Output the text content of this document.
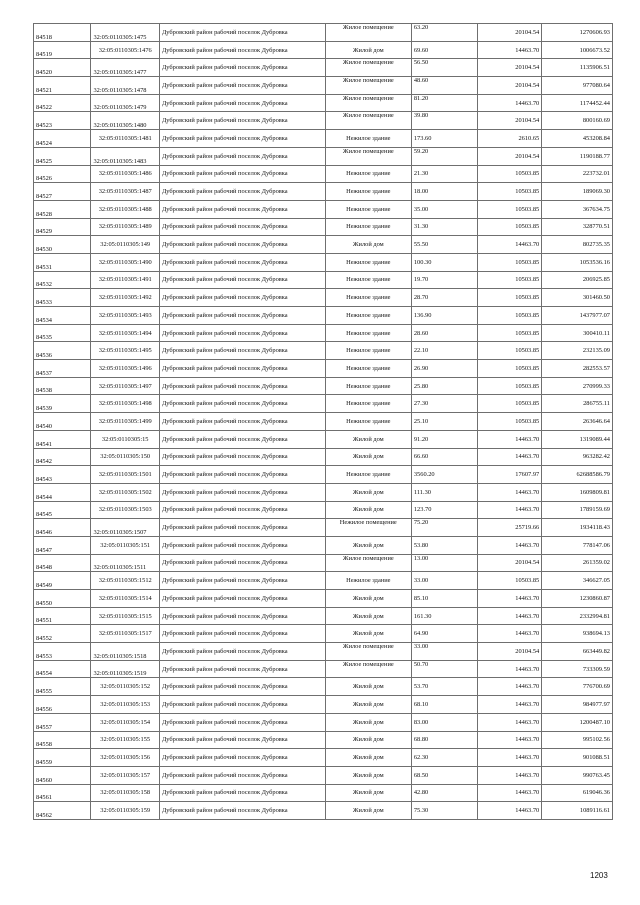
84518	32:05:0110305:1475	Дубровский район рабочий поселок Дубровка	Жилое помещение	63.20	20104.54	1270606.93
84519	32:05:0110305:1476	Дубровский район рабочий поселок Дубровка	Жилой дом	69.60	14463.70	1006673.52
84520	32:05:0110305:1477	Дубровский район рабочий поселок Дубровка	Жилое помещение	56.50	20104.54	1135906.51
84521	32:05:0110305:1478	Дубровский район рабочий поселок Дубровка	Жилое помещение	48.60	20104.54	977080.64
84522	32:05:0110305:1479	Дубровский район рабочий поселок Дубровка	Жилое помещение	81.20	14463.70	1174452.44
84523	32:05:0110305:1480	Дубровский район рабочий поселок Дубровка	Жилое помещение	39.80	20104.54	800160.69
84524	32:05:0110305:1481	Дубровский район рабочий поселок Дубровка	Нежилое здание	173.60	2610.65	453208.84
84525	32:05:0110305:1483	Дубровский район рабочий поселок Дубровка	Жилое помещение	59.20	20104.54	1190188.77
84526	32:05:0110305:1486	Дубровский район рабочий поселок Дубровка	Нежилое здание	21.30	10503.85	223732.01
84527	32:05:0110305:1487	Дубровский район рабочий поселок Дубровка	Нежилое здание	18.00	10503.85	189069.30
84528	32:05:0110305:1488	Дубровский район рабочий поселок Дубровка	Нежилое здание	35.00	10503.85	367634.75
84529	32:05:0110305:1489	Дубровский район рабочий поселок Дубровка	Нежилое здание	31.30	10503.85	328770.51
84530	32:05:0110305:149	Дубровский район рабочий поселок Дубровка	Жилой дом	55.50	14463.70	802735.35
84531	32:05:0110305:1490	Дубровский район рабочий поселок Дубровка	Нежилое здание	100.30	10503.85	1053536.16
84532	32:05:0110305:1491	Дубровский район рабочий поселок Дубровка	Нежилое здание	19.70	10503.85	206925.85
84533	32:05:0110305:1492	Дубровский район рабочий поселок Дубровка	Нежилое здание	28.70	10503.85	301460.50
84534	32:05:0110305:1493	Дубровский район рабочий поселок Дубровка	Нежилое здание	136.90	10503.85	1437977.07
84535	32:05:0110305:1494	Дубровский район рабочий поселок Дубровка	Нежилое здание	28.60	10503.85	300410.11
84536	32:05:0110305:1495	Дубровский район рабочий поселок Дубровка	Нежилое здание	22.10	10503.85	232135.09
84537	32:05:0110305:1496	Дубровский район рабочий поселок Дубровка	Нежилое здание	26.90	10503.85	282553.57
84538	32:05:0110305:1497	Дубровский район рабочий поселок Дубровка	Нежилое здание	25.80	10503.85	270999.33
84539	32:05:0110305:1498	Дубровский район рабочий поселок Дубровка	Нежилое здание	27.30	10503.85	286755.11
84540	32:05:0110305:1499	Дубровский район рабочий поселок Дубровка	Нежилое здание	25.10	10503.85	263646.64
84541	32:05:0110305:15	Дубровский район рабочий поселок Дубровка	Жилой дом	91.20	14463.70	1319089.44
84542	32:05:0110305:150	Дубровский район рабочий поселок Дубровка	Жилой дом	66.60	14463.70	963282.42
84543	32:05:0110305:1501	Дубровский район рабочий поселок Дубровка	Нежилое здание	3560.20	17607.97	62688586.79
84544	32:05:0110305:1502	Дубровский район рабочий поселок Дубровка	Жилой дом	111.30	14463.70	1609809.81
84545	32:05:0110305:1503	Дубровский район рабочий поселок Дубровка	Жилой дом	123.70	14463.70	1789159.69
84546	32:05:0110305:1507	Дубровский район рабочий поселок Дубровка	Нежилое помещение	75.20	25719.66	1934118.43
84547	32:05:0110305:151	Дубровский район рабочий поселок Дубровка	Жилой дом	53.80	14463.70	778147.06
84548	32:05:0110305:1511	Дубровский район рабочий поселок Дубровка	Жилое помещение	13.00	20104.54	261359.02
84549	32:05:0110305:1512	Дубровский район рабочий поселок Дубровка	Нежилое здание	33.00	10503.85	346627.05
84550	32:05:0110305:1514	Дубровский район рабочий поселок Дубровка	Жилой дом	85.10	14463.70	1230860.87
84551	32:05:0110305:1515	Дубровский район рабочий поселок Дубровка	Жилой дом	161.30	14463.70	2332994.81
84552	32:05:0110305:1517	Дубровский район рабочий поселок Дубровка	Жилой дом	64.90	14463.70	938694.13
84553	32:05:0110305:1518	Дубровский район рабочий поселок Дубровка	Жилое помещение	33.00	20104.54	663449.82
84554	32:05:0110305:1519	Дубровский район рабочий поселок Дубровка	Жилое помещение	50.70	14463.70	733309.59
84555	32:05:0110305:152	Дубровский район рабочий поселок Дубровка	Жилой дом	53.70	14463.70	776700.69
84556	32:05:0110305:153	Дубровский район рабочий поселок Дубровка	Жилой дом	68.10	14463.70	984977.97
84557	32:05:0110305:154	Дубровский район рабочий поселок Дубровка	Жилой дом	83.00	14463.70	1200487.10
84558	32:05:0110305:155	Дубровский район рабочий поселок Дубровка	Жилой дом	68.80	14463.70	995102.56
84559	32:05:0110305:156	Дубровский район рабочий поселок Дубровка	Жилой дом	62.30	14463.70	901088.51
84560	32:05:0110305:157	Дубровский район рабочий поселок Дубровка	Жилой дом	68.50	14463.70	990763.45
84561	32:05:0110305:158	Дубровский район рабочий поселок Дубровка	Жилой дом	42.80	14463.70	619046.36
84562	32:05:0110305:159	Дубровский район рабочий поселок Дубровка	Жилой дом	75.30	14463.70	1089116.61
1203
